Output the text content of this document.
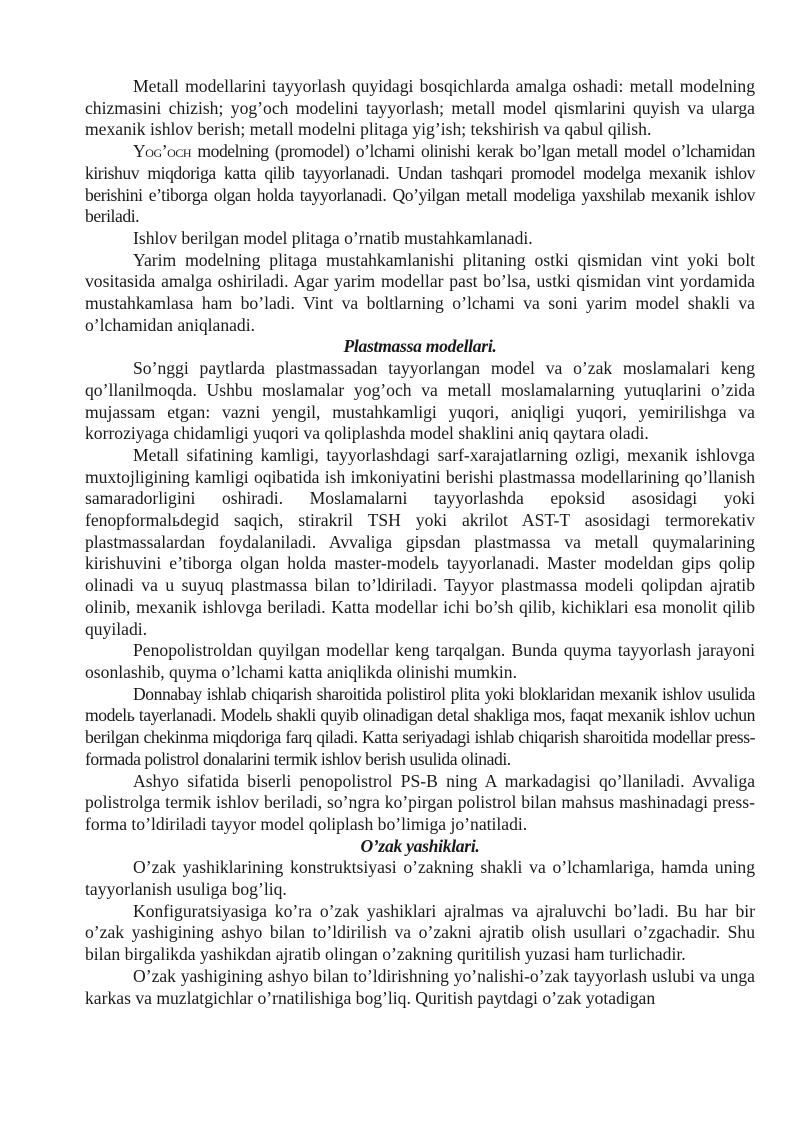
Metall modellarini tayyorlash quyidagi bosqichlarda amalga oshadi: metall modelning chizmasini chizish; yog’och modelini tayyorlash; metall model qismlarini quyish va ularga mexanik ishlov berish; metall modelni plitaga yig’ish; tekshirish va qabul qilish.

Yog’och modelning (promodel) o’lchami olinishi kerak bo’lgan metall model o’lchamidan kirishuv miqdoriga katta qilib tayyorlanadi. Undan tashqari promodel modelga mexanik ishlov berishini e’tiborga olgan holda tayyorlanadi. Qo’yilgan metall modeliga yaxshilab mexanik ishlov beriladi.

Ishlov berilgan model plitaga o’rnatib mustahkamlanadi.

Yarim modelning plitaga mustahkamlanishi plitaning ostki qismidan vint yoki bolt vositasida amalga oshiriladi. Agar yarim modellar past bo’lsa, ustki qismidan vint yordamida mustahkamlasa ham bo’ladi. Vint va boltlarning o’lchami va soni yarim model shakli va o’lchamidan aniqlanadi.

Plastmassa modellari.

So’nggi paytlarda plastmassadan tayyorlangan model va o’zak moslamalari keng qo’llanilmoqda. Ushbu moslamalar yog’och va metall moslamalarning yutuqlarini o’zida mujassam etgan: vazni yengil, mustahkamligi yuqori, aniqligi yuqori, yemirilishga va korroziyaga chidamligi yuqori va qoliplashda model shaklini aniq qaytara oladi.

Metall sifatining kamligi, tayyorlashdagi sarf-xarajatlarning ozligi, mexanik ishlovga muxtojligining kamligi oqibatida ish imkoniyatini berishi plastmassa modellarining qo’llanish samaradorligini oshiradi. Moslamalarni tayyorlashda epoksid asosidagi yoki fenopformalьdegid saqich, stirakril TSH yoki akrilot AST-T asosidagi termorekativ plastmassalardan foydalaniladi. Avvaliga gipsdan plastmassa va metall quymalarining kirishuvini e’tiborga olgan holda master-modelь tayyorlanadi. Master modeldan gips qolip olinadi va u suyuq plastmassa bilan to’ldiriladi. Tayyor plastmassa modeli qolipdan ajratib olinib, mexanik ishlovga beriladi. Katta modellar ichi bo’sh qilib, kichiklari esa monolit qilib quyiladi.

Penopolistroldan quyilgan modellar keng tarqalgan. Bunda quyma tayyorlash jarayoni osonlashib, quyma o’lchami katta aniqlikda olinishi mumkin.

Donnabay ishlab chiqarish sharoitida polistirol plita yoki bloklaridan mexanik ishlov usulida modelь tayerlanadi. Modelь shakli quyib olinadigan detal shakliga mos, faqat mexanik ishlov uchun berilgan chekinma miqdoriga farq qiladi. Katta seriyadagi ishlab chiqarish sharoitida modellar press-formada polistrol donalarini termik ishlov berish usulida olinadi.

Ashyo sifatida biserli penopolistrol PS-B ning A markadagisi qo’llaniladi. Avvaliga polistrolga termik ishlov beriladi, so’ngra ko’pirgan polistrol bilan mahsus mashinadagi press-forma to’ldiriladi tayyor model qoliplash bo’limiga jo’natiladi.

O’zak yashiklari.

O’zak yashiklarining konstruktsiyasi o’zakning shakli va o’lchamlariga, hamda uning tayyorlanish usuliga bog’liq.

Konfiguratsiyasiga ko’ra o’zak yashiklari ajralmas va ajraluvchi bo’ladi. Bu har bir o’zak yashigining ashyo bilan to’ldirilish va o’zakni ajratib olish usullari o’zgachadir. Shu bilan birgalikda yashikdan ajratib olingan o’zakning quritilish yuzasi ham turlichadir.

O’zak yashigining ashyo bilan to’ldirishning yo’nalishi-o’zak tayyorlash uslubi va unga karkas va muzlatgichlar o’rnatilishiga bog’liq. Quritish paytdagi o’zak yotadigan
